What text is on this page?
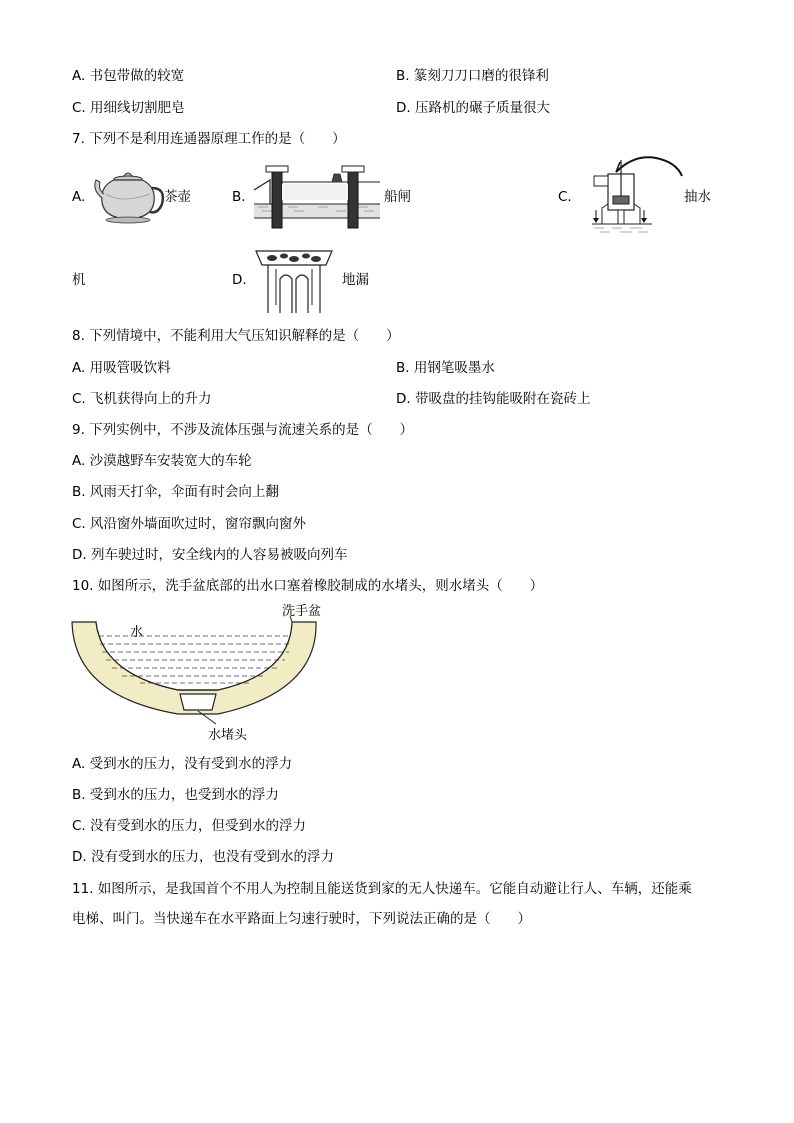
A. 书包带做的较宽	B. 篆刻刀刀口磨的很锋利
C. 用细线切割肥皂	D. 压路机的碾子质量很大
7. 下列不是利用连通器原理工作的是（　　）
A.	茶壶	B.	船闸	C.	抽水
机	D.	地漏
8. 下列情境中，不能利用大气压知识解释的是（　　）
A. 用吸管吸饮料	B. 用钢笔吸墨水
C. 飞机获得向上的升力	D. 带吸盘的挂钩能吸附在瓷砖上
9. 下列实例中，不涉及流体压强与流速关系的是（　　）
A. 沙漠越野车安装宽大的车轮
B. 风雨天打伞，伞面有时会向上翻
C. 风沿窗外墙面吹过时，窗帘飘向窗外
D. 列车驶过时，安全线内的人容易被吸向列车
10. 如图所示，洗手盆底部的出水口塞着橡胶制成的水堵头，则水堵头（　　）
洗手盆
水
水堵头
A. 受到水的压力，没有受到水的浮力
B. 受到水的压力，也受到水的浮力
C. 没有受到水的压力，但受到水的浮力
D. 没有受到水的压力，也没有受到水的浮力
11. 如图所示，是我国首个不用人为控制且能送货到家的无人快递车。它能自动避让行人、车辆，还能乘
电梯、叫门。当快递车在水平路面上匀速行驶时，下列说法正确的是（　　）
